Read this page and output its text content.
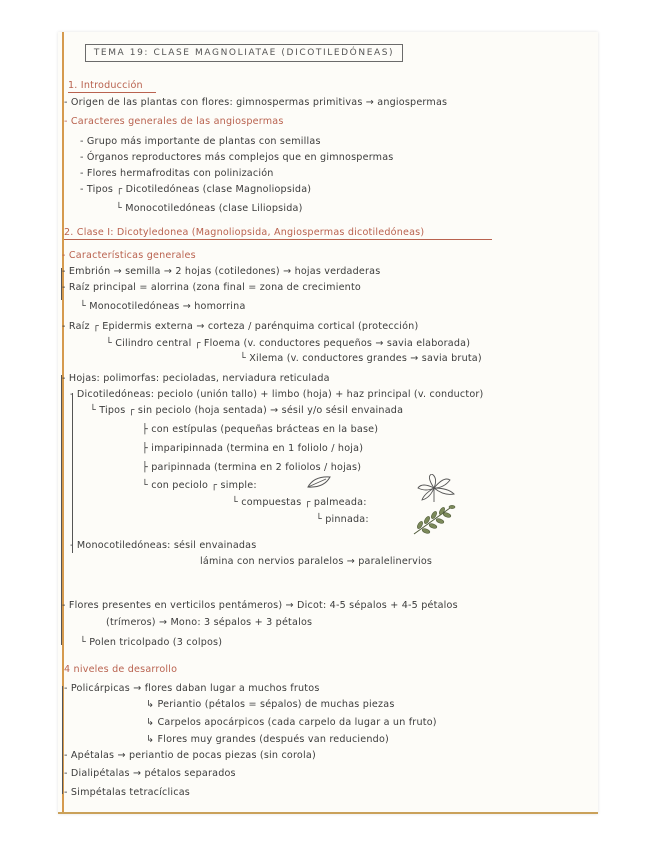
TEMA 19: CLASE MAGNOLIATAE (DICOTILEDÓNEAS)
1. Introducción
- Origen de las plantas con flores: gimnospermas primitivas → angiospermas
- Caracteres generales de las angiospermas
- Grupo más importante de plantas con semillas
- Órganos reproductores más complejos que en gimnospermas
- Flores hermafroditas con polinización
- Tipos ┌ Dicotiledóneas (clase Magnoliopsida)
└ Monocotiledóneas (clase Liliopsida)
2. Clase I: Dicotyledonea (Magnoliopsida, Angiospermas dicotiledóneas)
- Características generales
- Embrión → semilla → 2 hojas (cotiledones) → hojas verdaderas
- Raíz principal = alorrina (zona final = zona de crecimiento
└ Monocotiledóneas → homorrina
- Raíz ┌ Epidermis externa → corteza / parénquima cortical (protección)
└ Cilindro central ┌ Floema (v. conductores pequeños → savia elaborada)
└ Xilema (v. conductores grandes → savia bruta)
- Hojas: polimorfas: pecioladas, nerviadura reticulada
- Dicotiledóneas: peciolo (unión tallo) + limbo (hoja) + haz principal (v. conductor)
└ Tipos ┌ sin peciolo (hoja sentada) → sésil y/o sésil envainada
├ con estípulas (pequeñas brácteas en la base)
├ imparipinnada (termina en 1 foliolo / hoja)
├ paripinnada (termina en 2 foliolos / hojas)
└ con peciolo ┌ simple:
└ compuestas ┌ palmeada:
└ pinnada:
- Monocotiledóneas: sésil envainadas
lámina con nervios paralelos → paralelinervios
- Flores presentes en verticilos pentámeros) → Dicot: 4-5 sépalos + 4-5 pétalos
(trímeros) → Mono: 3 sépalos + 3 pétalos
└ Polen tricolpado (3 colpos)
4 niveles de desarrollo
- Policárpicas → flores daban lugar a muchos frutos
↳ Periantio (pétalos = sépalos) de muchas piezas
↳ Carpelos apocárpicos (cada carpelo da lugar a un fruto)
↳ Flores muy grandes (después van reduciendo)
- Apétalas → periantio de pocas piezas (sin corola)
- Dialipétalas → pétalos separados
- Simpétalas tetracíclicas
